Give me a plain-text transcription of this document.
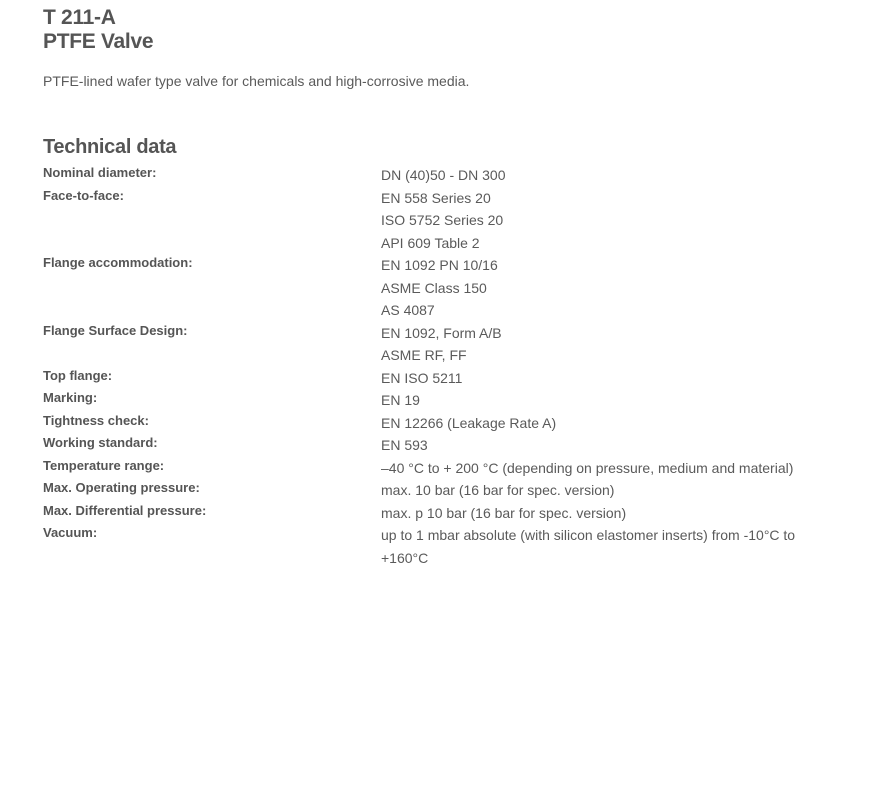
T 211-A
PTFE Valve

PTFE-lined wafer type valve for chemicals and high-corrosive media.

Technical data
Nominal diameter:	DN (40)50 - DN 300

Face-to-face:	EN 558 Series 20
ISO 5752 Series 20
API 609 Table 2

Flange accommodation:	EN 1092 PN 10/16
ASME Class 150
AS 4087

Flange Surface Design:	EN 1092, Form A/B
ASME RF, FF

Top flange:	EN ISO 5211

Marking:	EN 19

Tightness check:	EN 12266 (Leakage Rate A)

Working standard:	EN 593

Temperature range:	–40 °C to + 200 °C (depending on pressure, medium and material)

Max. Operating pressure:	max. 10 bar (16 bar for spec. version)

Max. Differential pressure:	max. p 10 bar (16 bar for spec. version)

Vacuum:	up to 1 mbar absolute (with silicon elastomer inserts) from -10°C to
+160°C
